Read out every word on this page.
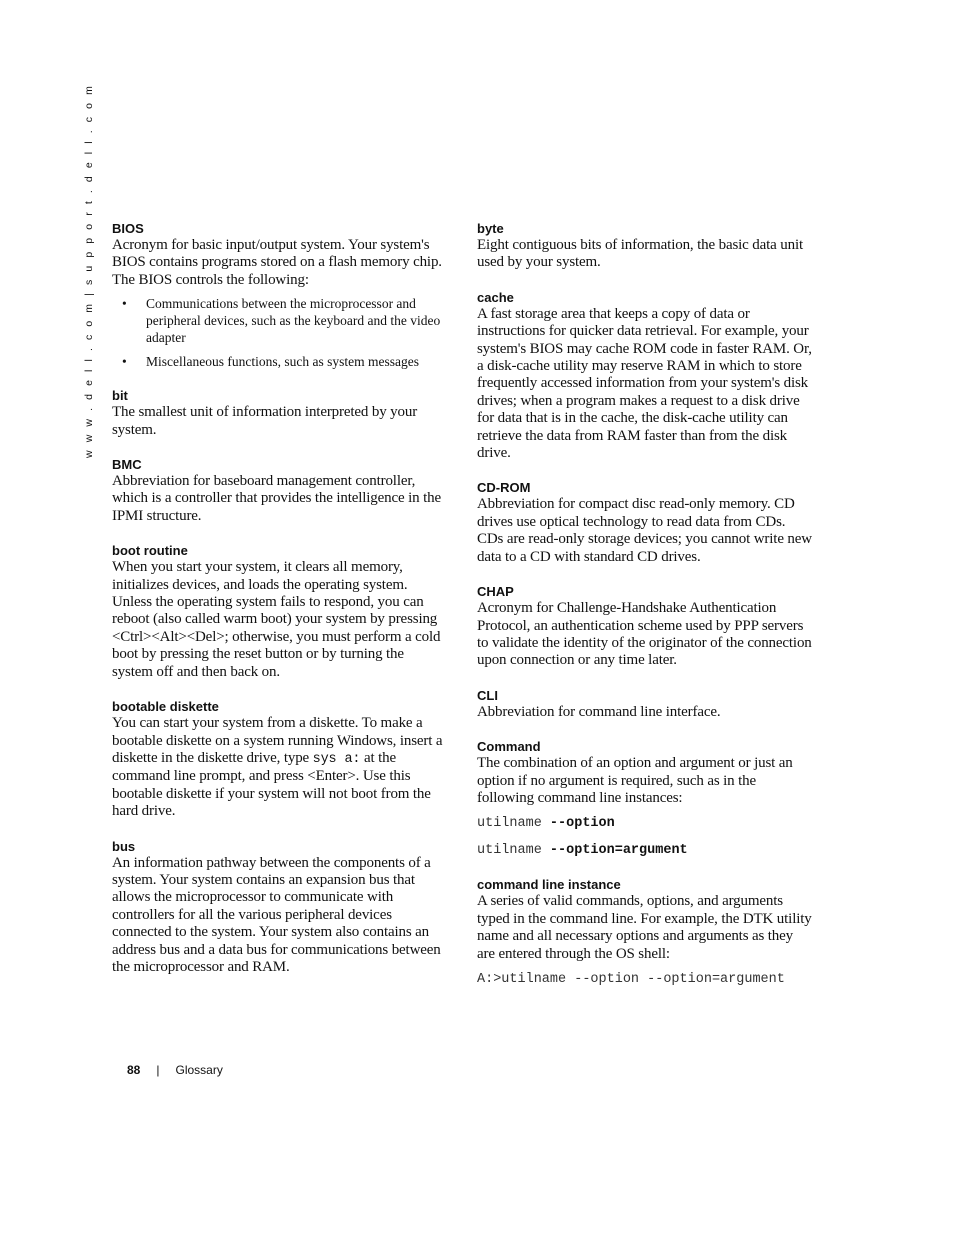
w w w . d e l l . c o m | s u p p o r t . d e l l . c o m BIOS

Acronym for basic input/output system. Your system's BIOS contains programs stored on a flash memory chip. The BIOS controls the following:

• Communications between the microprocessor and peripheral devices, such as the keyboard and the video adapter
• Miscellaneous functions, such as system messages

bit

The smallest unit of information interpreted by your system.

BMC

Abbreviation for baseboard management controller, which is a controller that provides the intelligence in the IPMI structure.

boot routine

When you start your system, it clears all memory, initializes devices, and loads the operating system. Unless the operating system fails to respond, you can reboot (also called warm boot) your system by pressing <Ctrl><Alt><Del>; otherwise, you must perform a cold boot by pressing the reset button or by turning the system off and then back on.

bootable diskette

You can start your system from a diskette. To make a bootable diskette on a system running Windows, insert a diskette in the diskette drive, type sys a: at the command line prompt, and press <Enter>. Use this bootable diskette if your system will not boot from the hard drive.

bus

An information pathway between the components of a system. Your system contains an expansion bus that allows the microprocessor to communicate with controllers for all the various peripheral devices connected to the system. Your system also contains an address bus and a data bus for communications between the microprocessor and RAM.

byte

Eight contiguous bits of information, the basic data unit used by your system.

cache

A fast storage area that keeps a copy of data or instructions for quicker data retrieval. For example, your system's BIOS may cache ROM code in faster RAM. Or, a disk-cache utility may reserve RAM in which to store frequently accessed information from your system's disk drives; when a program makes a request to a disk drive for data that is in the cache, the disk-cache utility can retrieve the data from RAM faster than from the disk drive.

CD-ROM

Abbreviation for compact disc read-only memory. CD drives use optical technology to read data from CDs. CDs are read-only storage devices; you cannot write new data to a CD with standard CD drives.

CHAP

Acronym for Challenge-Handshake Authentication Protocol, an authentication scheme used by PPP servers to validate the identity of the originator of the connection upon connection or any time later.

CLI

Abbreviation for command line interface.

Command

The combination of an option and argument or just an option if no argument is required, such as in the following command line instances:

utilname --option

utilname --option=argument

command line instance

A series of valid commands, options, and arguments typed in the command line. For example, the DTK utility name and all necessary options and arguments as they are entered through the OS shell:

A:>utilname --option --option=argument

88 | Glossary
